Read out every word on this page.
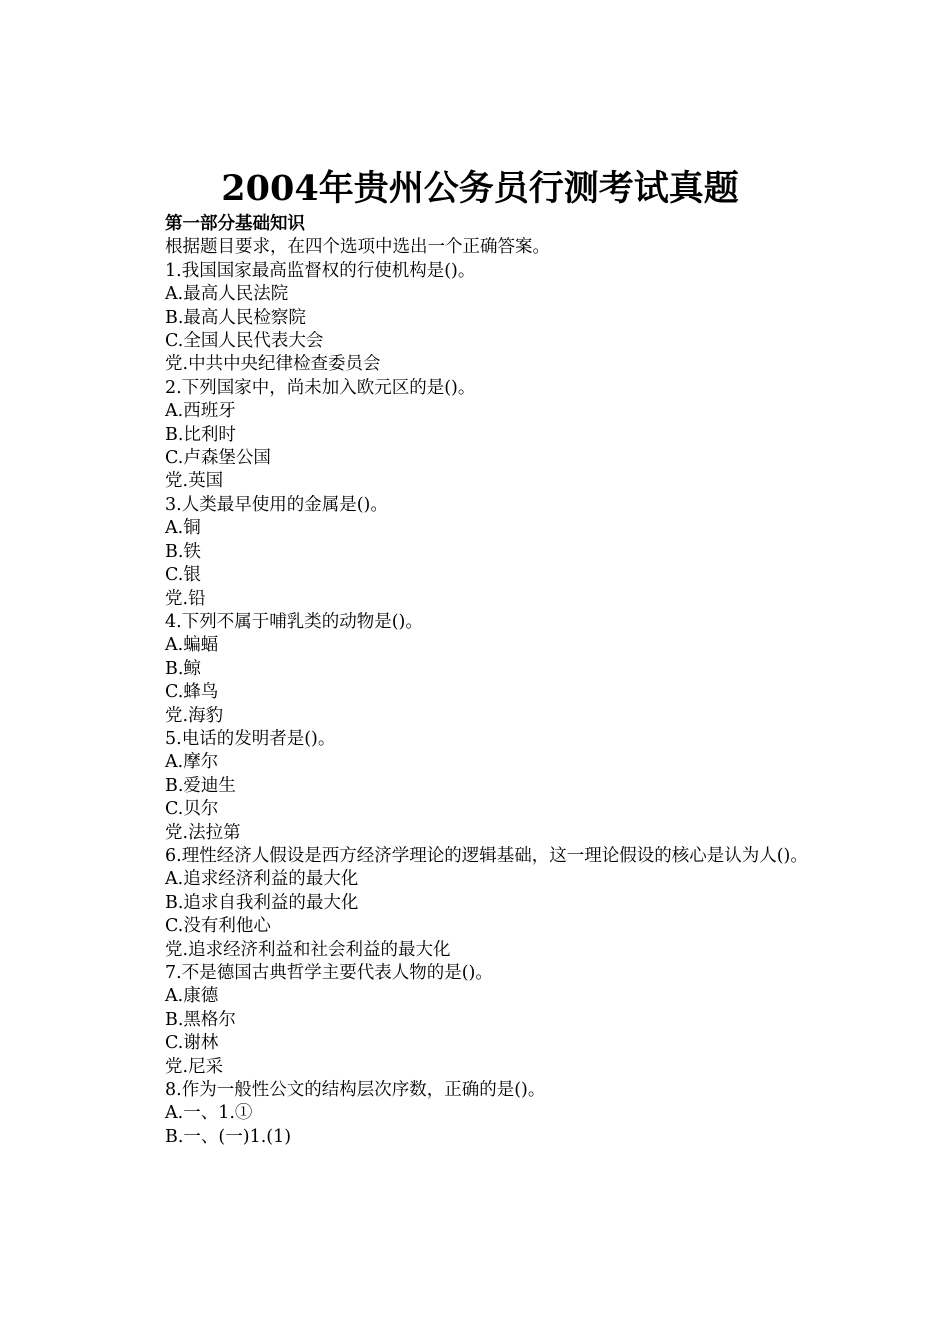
2004年贵州公务员行测考试真题
第一部分基础知识
根据题目要求，在四个选项中选出一个正确答案。
1.我国国家最高监督权的行使机构是()。
A.最高人民法院
B.最高人民检察院
C.全国人民代表大会
党.中共中央纪律检查委员会
2.下列国家中，尚未加入欧元区的是()。
A.西班牙
B.比利时
C.卢森堡公国
党.英国
3.人类最早使用的金属是()。
A.铜
B.铁
C.银
党.铅
4.下列不属于哺乳类的动物是()。
A.蝙蝠
B.鲸
C.蜂鸟
党.海豹
5.电话的发明者是()。
A.摩尔
B.爱迪生
C.贝尔
党.法拉第
6.理性经济人假设是西方经济学理论的逻辑基础，这一理论假设的核心是认为人()。
A.追求经济利益的最大化
B.追求自我利益的最大化
C.没有利他心
党.追求经济利益和社会利益的最大化
7.不是德国古典哲学主要代表人物的是()。
A.康德
B.黑格尔
C.谢林
党.尼采
8.作为一般性公文的结构层次序数，正确的是()。
A.一、1.①
B.一、(一)1.(1)
